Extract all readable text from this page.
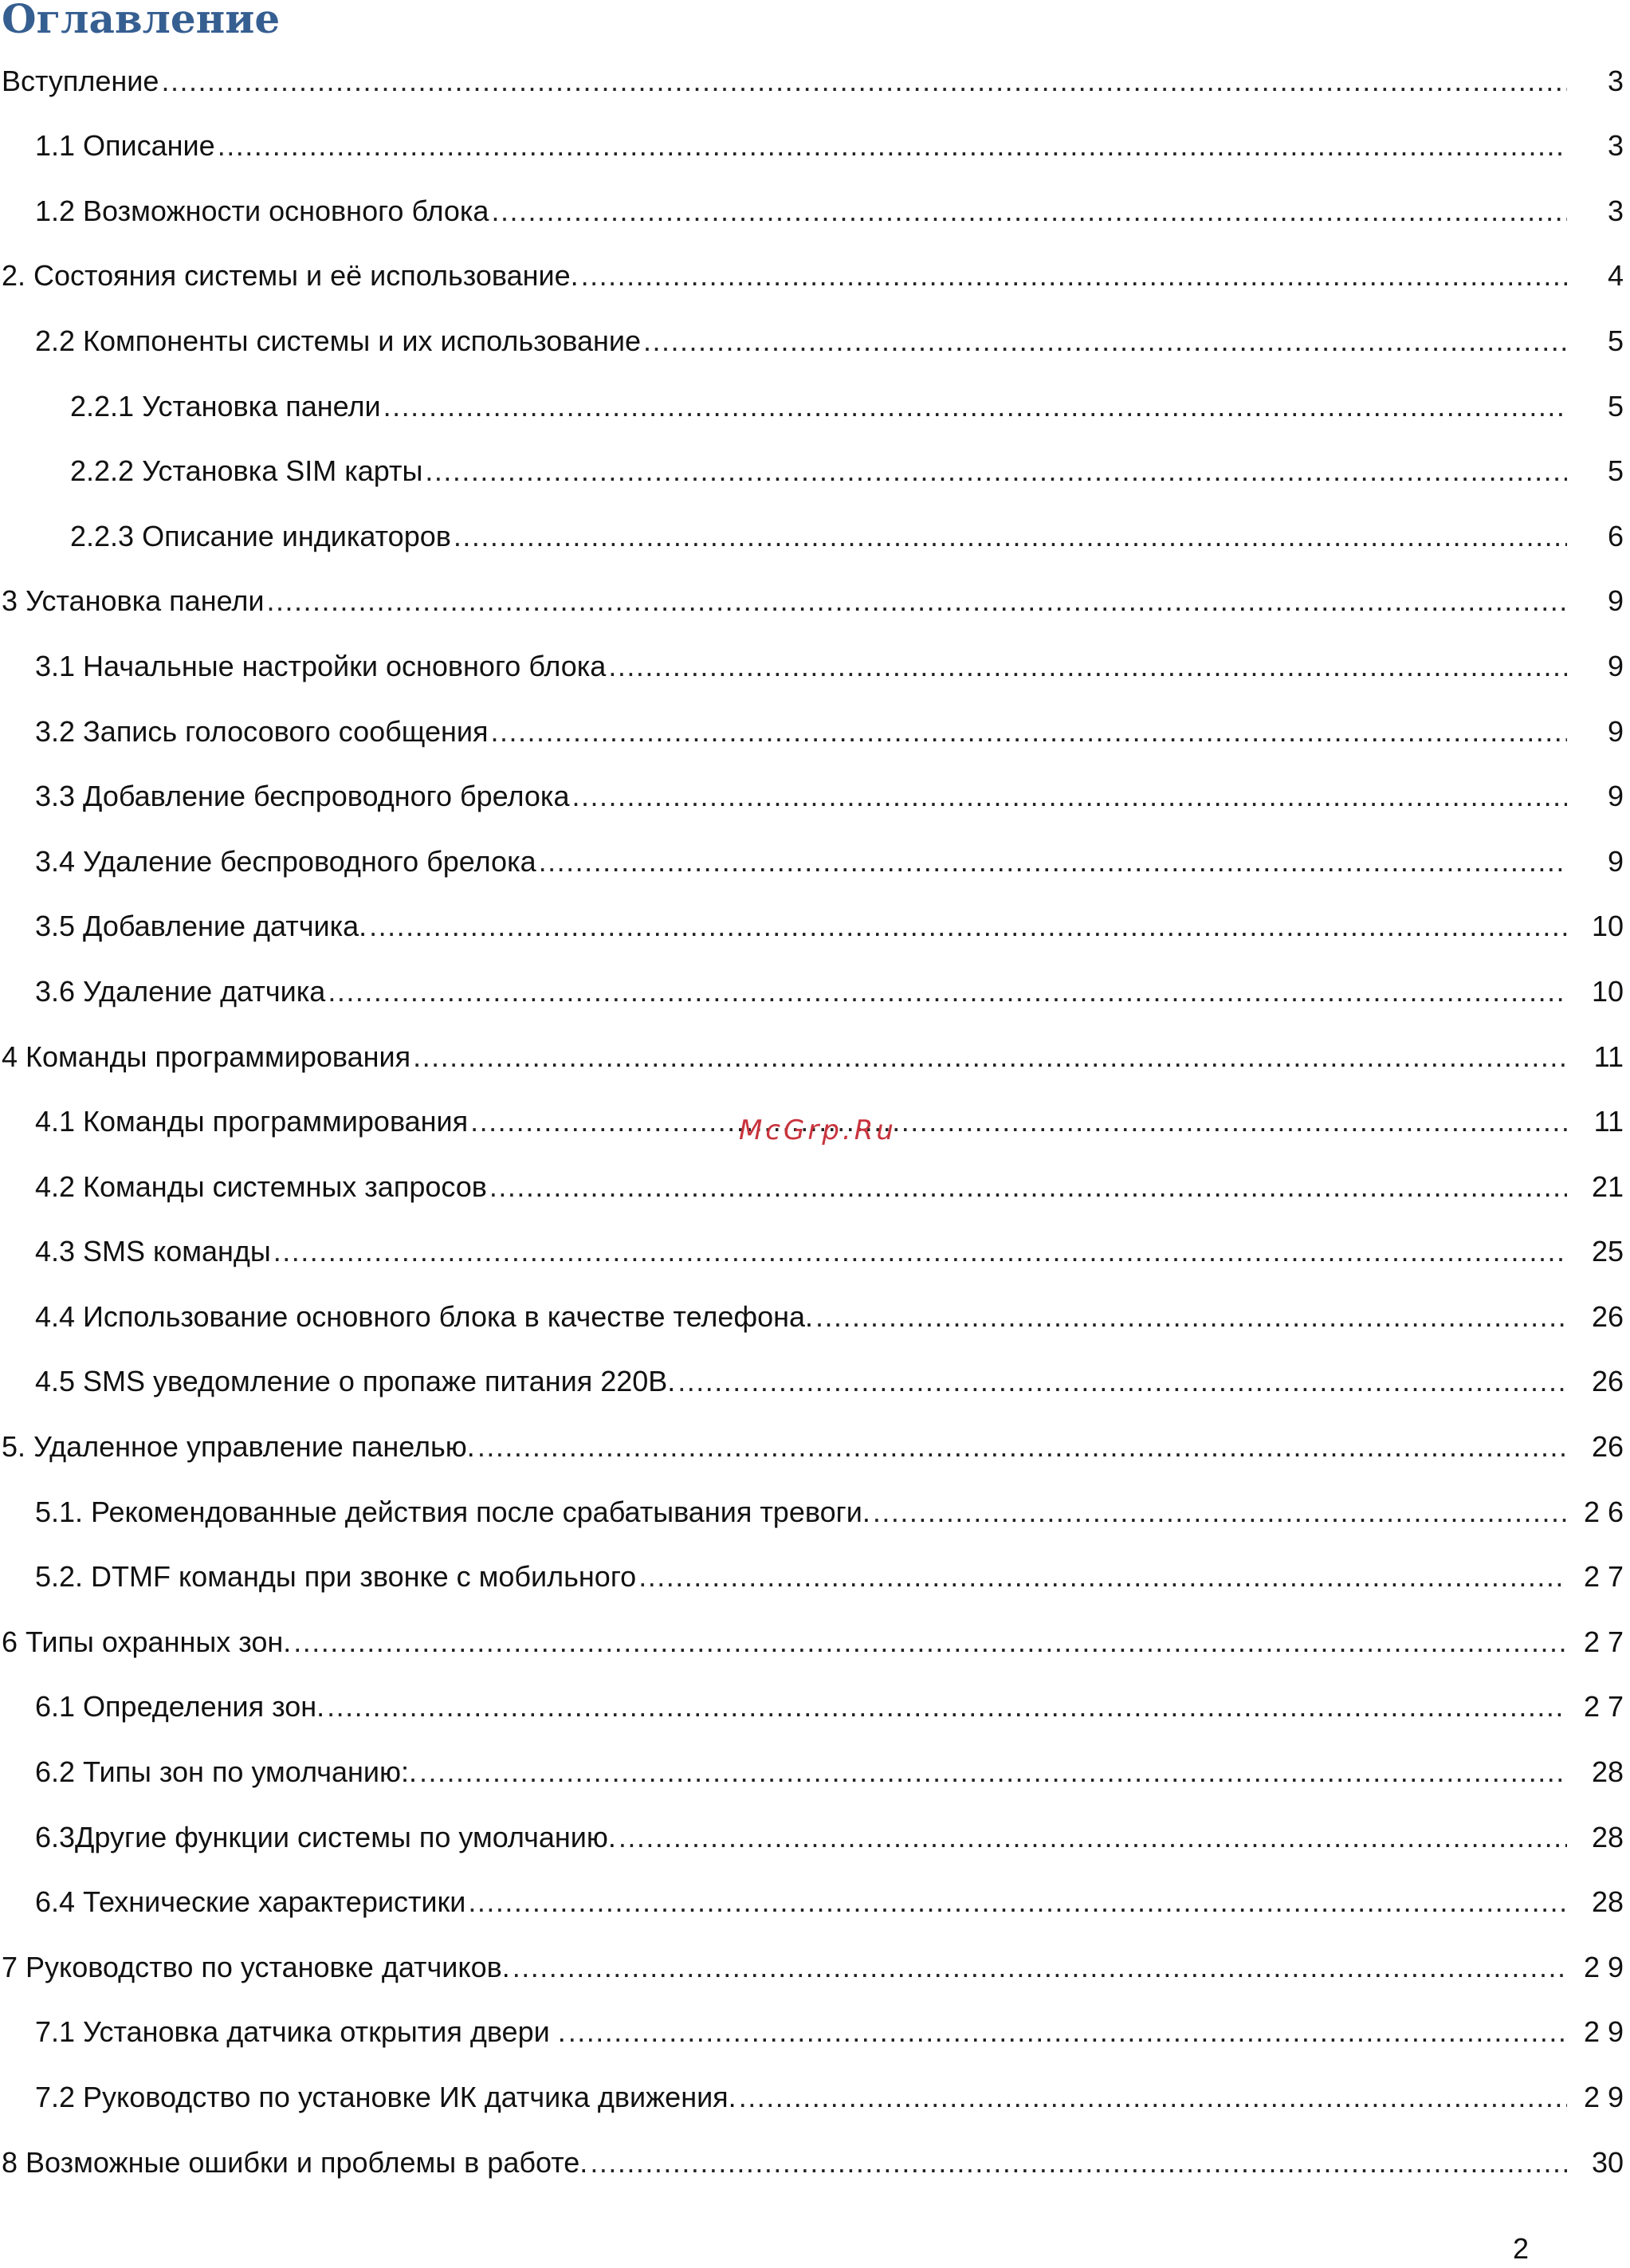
Оглавление
Вступление .....	3
1.1 Описание .....	3
1.2 Возможности основного блока .....	3
2. Состояния системы и её использование. .....	4
2.2 Компоненты системы и их использование .....	5
2.2.1 Установка панели .....	5
2.2.2 Установка SIM карты .....	5
2.2.3 Описание индикаторов .....	6
3 Установка панели .....	9
3.1 Начальные настройки основного блока .....	9
3.2 Запись голосового сообщения .....	9
3.3 Добавление беспроводного брелока .....	9
3.4 Удаление беспроводного брелока .....	9
3.5 Добавление датчика. .....	10
3.6 Удаление датчика .....	10
4 Команды программирования .....	11
4.1 Команды программирования .....	11
4.2 Команды системных запросов .....	21
4.3 SMS команды .....	25
4.4 Использование основного блока в качестве телефона. .....	26
4.5 SMS уведомление о пропаже питания 220В. .....	26
5. Удаленное управление панелью. .....	26
5.1. Рекомендованные действия после срабатывания тревоги. .....	2 6
5.2. DTMF команды при звонке с мобильного .....	2 7
6 Типы охранных зон. .....	2 7
6.1 Определения зон. .....	2 7
6.2 Типы зон по умолчанию:. .....	28
6.3Другие функции системы по умолчанию. .....	28
6.4 Технические характеристики .....	28
7 Руководство по установке датчиков. .....	2 9
7.1 Установка датчика открытия двери . .....	2 9
7.2 Руководство по установке ИК датчика движения. .....	2 9
8 Возможные ошибки и проблемы в работе. .....	30
McGrp.Ru
2
